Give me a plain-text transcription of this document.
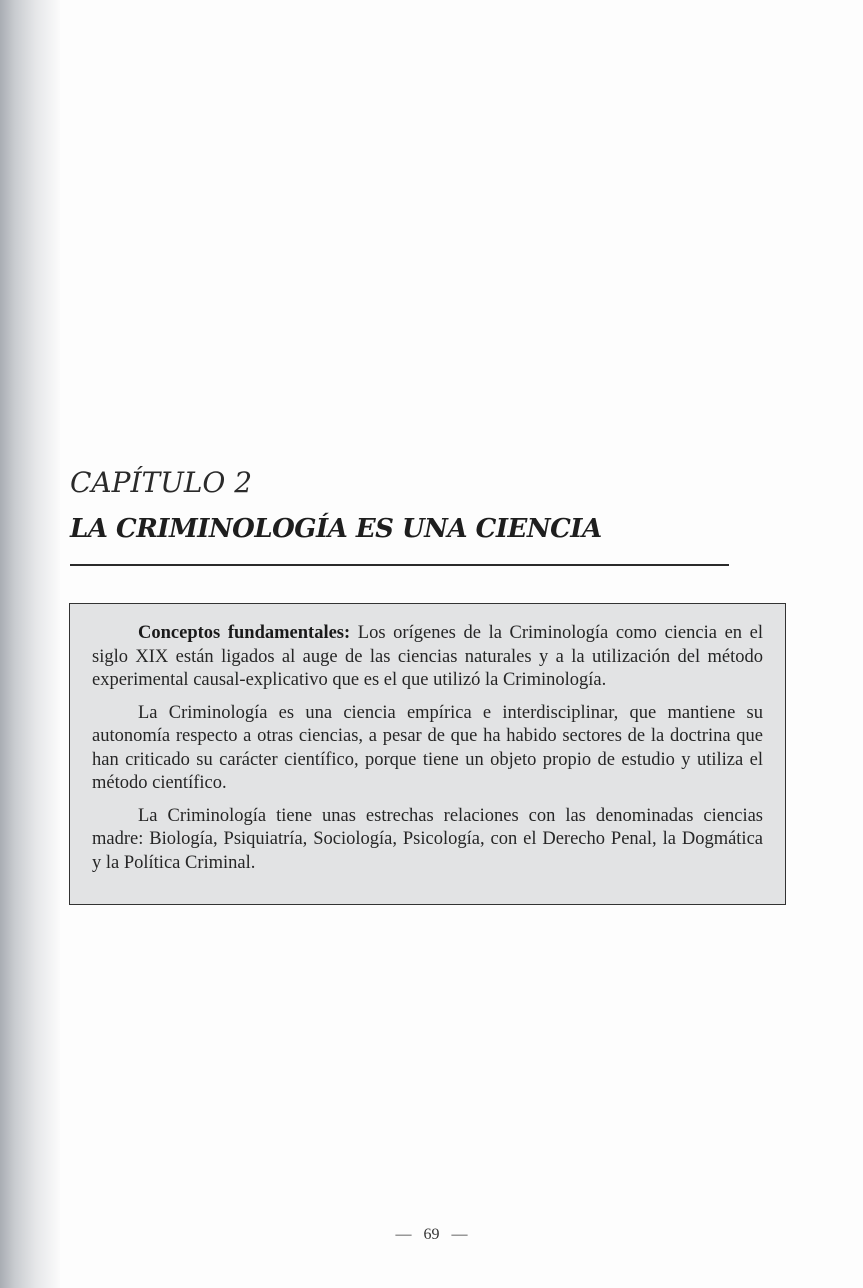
CAPÍTULO 2
LA CRIMINOLOGÍA ES UNA CIENCIA

Conceptos fundamentales: Los orígenes de la Criminología como ciencia en el siglo XIX están ligados al auge de las ciencias naturales y a la utilización del método experimental causal-explicativo que es el que utilizó la Criminología.

La Criminología es una ciencia empírica e interdisciplinar, que mantiene su autonomía respecto a otras ciencias, a pesar de que ha habido sectores de la doctrina que han criticado su carácter científico, porque tiene un objeto propio de estudio y utiliza el método científico.

La Criminología tiene unas estrechas relaciones con las denominadas ciencias madre: Biología, Psiquiatría, Sociología, Psicología, con el Derecho Penal, la Dogmática y la Política Criminal.

— 69 —
